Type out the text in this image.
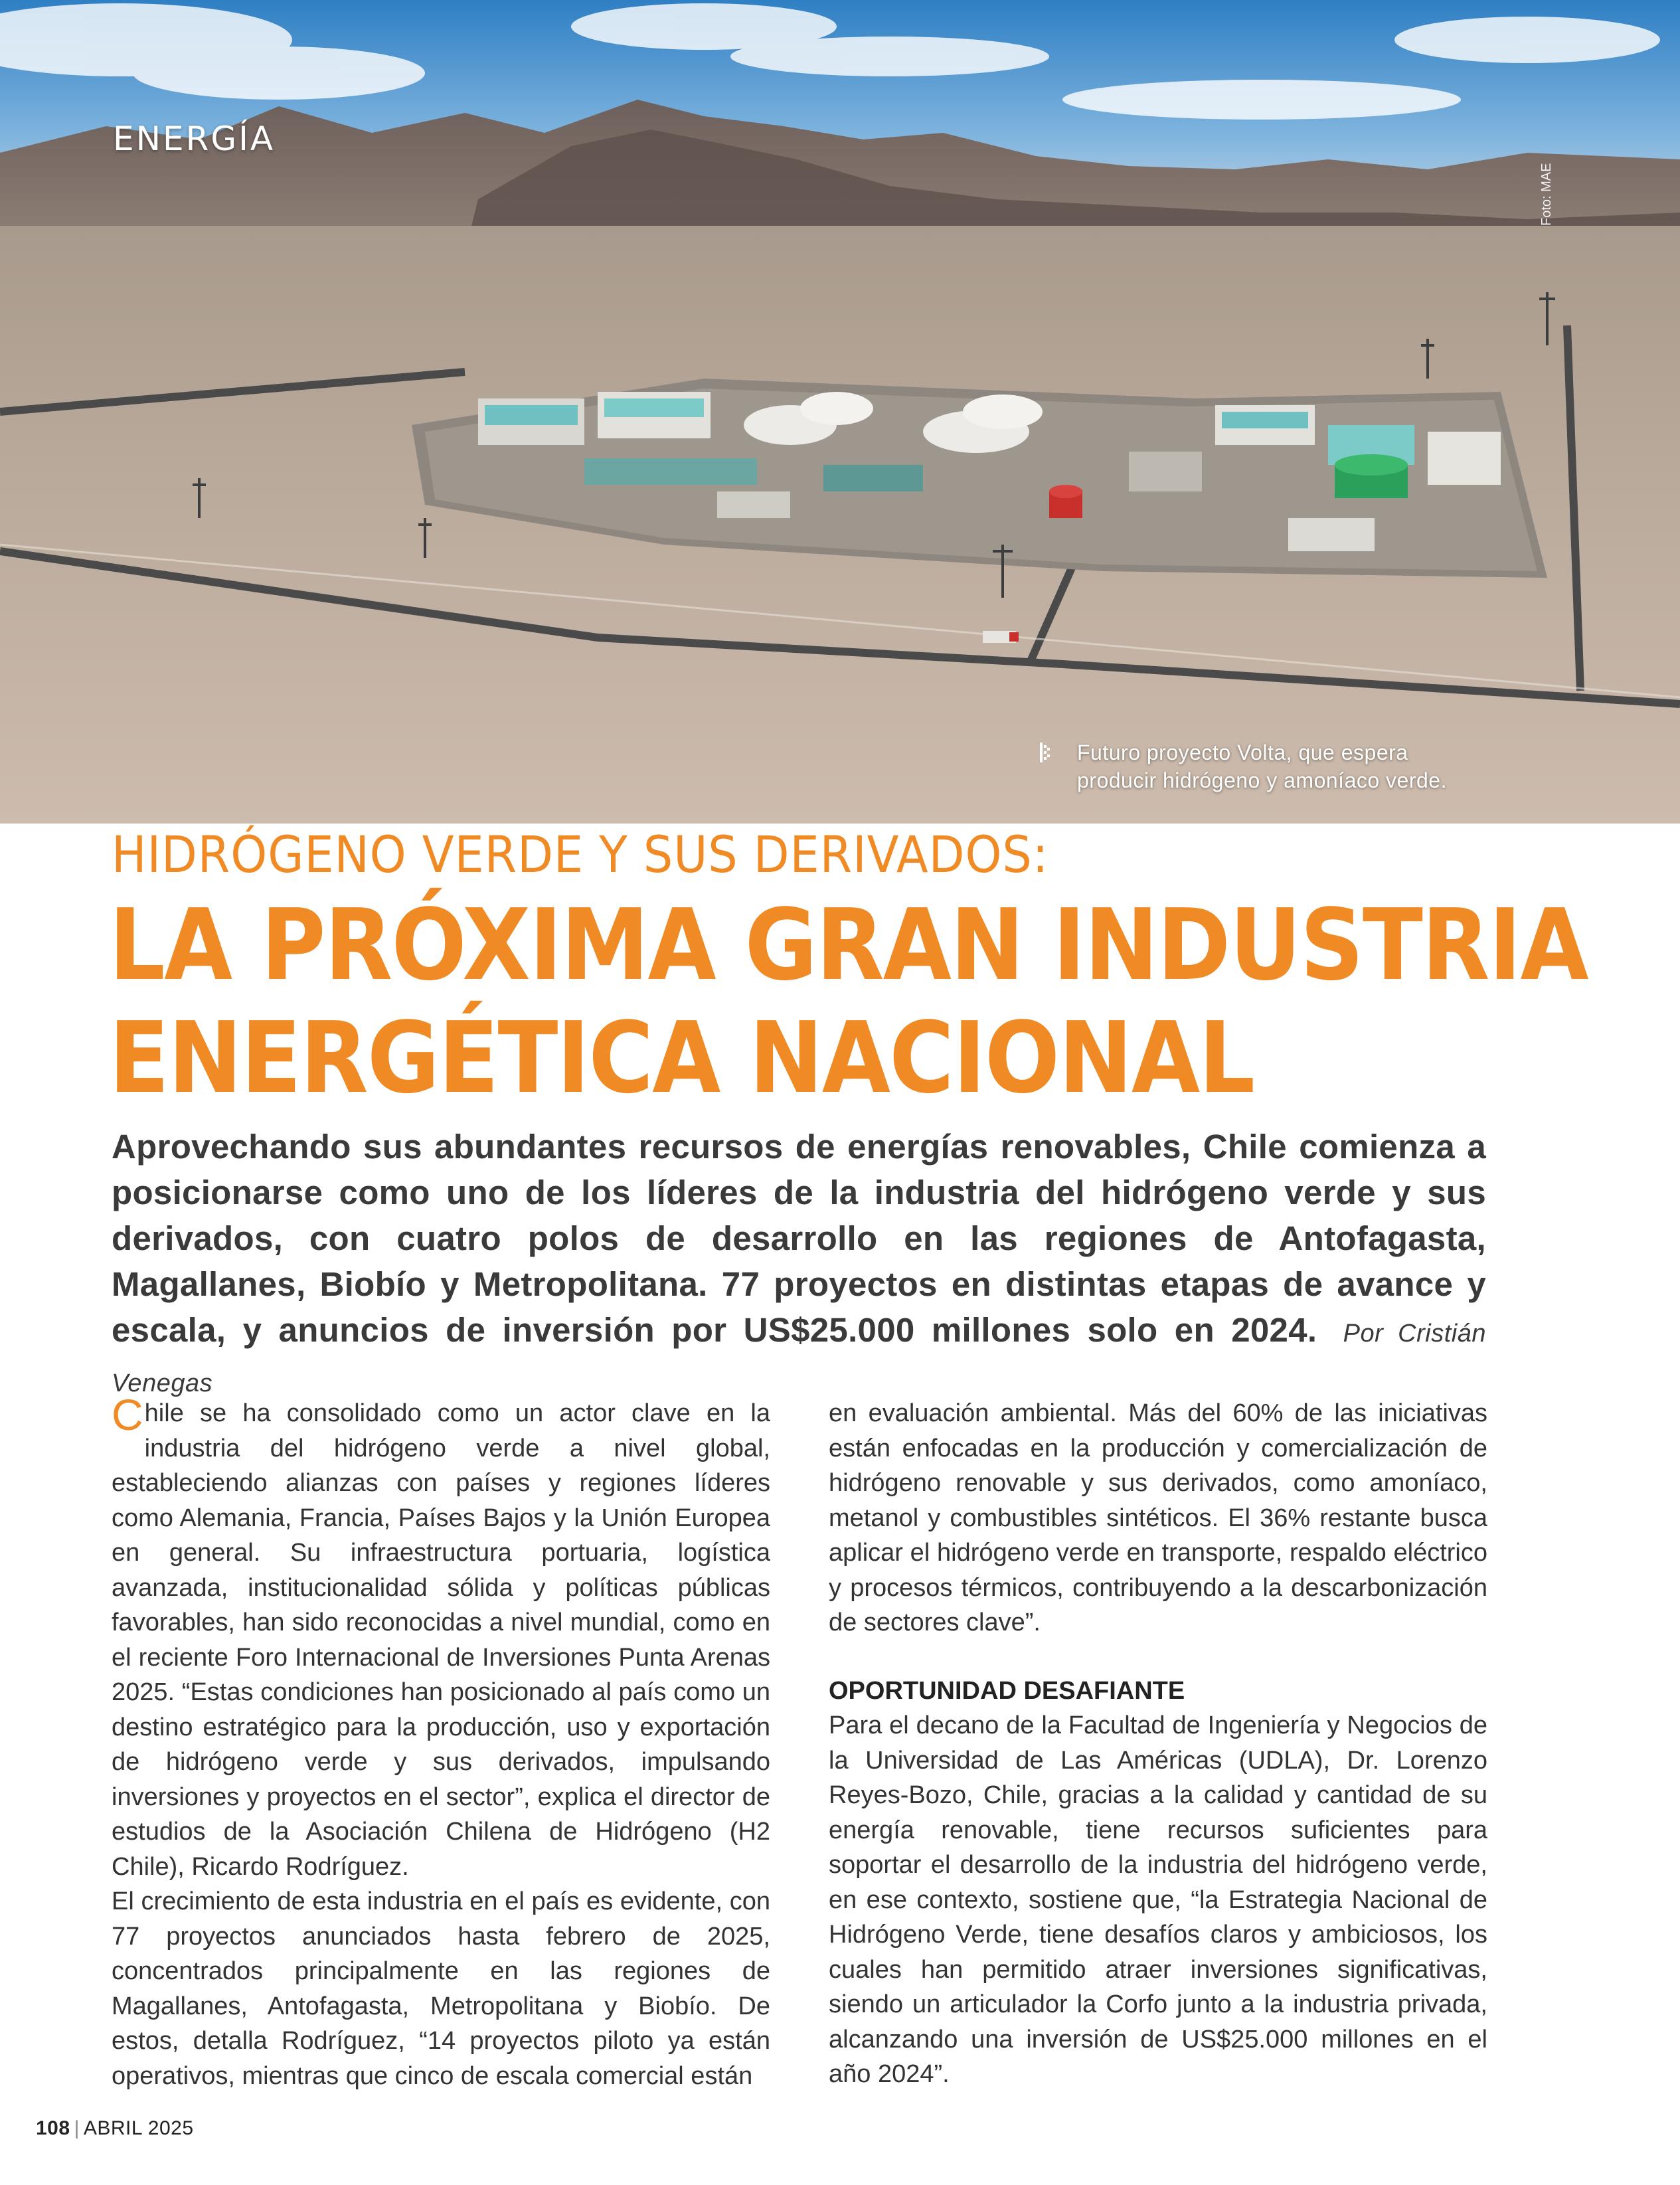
ENERGÍA
Foto: MAE

Futuro proyecto Volta, que espera

producir hidrógeno y amoníaco verde.

HIDRÓGENO VERDE Y SUS DERIVADOS:
LA PRÓXIMA GRAN INDUSTRIA
ENERGÉTICA NACIONAL
Aprovechando sus abundantes recursos de energías renovables, Chile comienza a posicionarse como uno de los líderes de la industria del hidrógeno verde y sus derivados, con cuatro polos de desarrollo en las regiones de Antofagasta, Magallanes, Biobío y Metropolitana. 77 proyectos en distintas etapas de avance y escala, y anuncios de inversión por US$25.000 millones solo en 2024. Por Cristián Venegas

Chile se ha consolidado como un actor clave en la industria del hidrógeno verde a nivel global, estableciendo alianzas con países y regiones líderes como Alemania, Francia, Países Bajos y la Unión Europea en general. Su infraestructura portuaria, logística avanzada, institucionalidad sólida y políticas públicas favorables, han sido reconocidas a nivel mundial, como en el reciente Foro Internacional de Inversiones Punta Arenas 2025. “Estas condiciones han posicionado al país como un destino estratégico para la producción, uso y exportación de hidrógeno verde y sus derivados, impulsando inversiones y proyectos en el sector”, explica el director de estudios de la Asociación Chilena de Hidrógeno (H2 Chile), Ricardo Rodríguez.

El crecimiento de esta industria en el país es evidente, con 77 proyectos anunciados hasta febrero de 2025, concentrados principalmente en las regiones de Magallanes, Antofagasta, Metropolitana y Biobío. De estos, detalla Rodríguez, “14 proyectos piloto ya están operativos, mientras que cinco de escala comercial están

en evaluación ambiental. Más del 60% de las iniciativas están enfocadas en la producción y comercialización de hidrógeno renovable y sus derivados, como amoníaco, metanol y combustibles sintéticos. El 36% restante busca aplicar el hidrógeno verde en transporte, respaldo eléctrico y procesos térmicos, contribuyendo a la descarbonización de sectores clave”.

OPORTUNIDAD DESAFIANTE

Para el decano de la Facultad de Ingeniería y Negocios de la Universidad de Las Américas (UDLA), Dr. Lorenzo Reyes-Bozo, Chile, gracias a la calidad y cantidad de su energía renovable, tiene recursos suficientes para soportar el desarrollo de la industria del hidrógeno verde, en ese contexto, sostiene que, “la Estrategia Nacional de Hidrógeno Verde, tiene desafíos claros y ambiciosos, los cuales han permitido atraer inversiones significativas, siendo un articulador la Corfo junto a la industria privada, alcanzando una inversión de US$25.000 millones en el año 2024”.

108 | ABRIL 2025
